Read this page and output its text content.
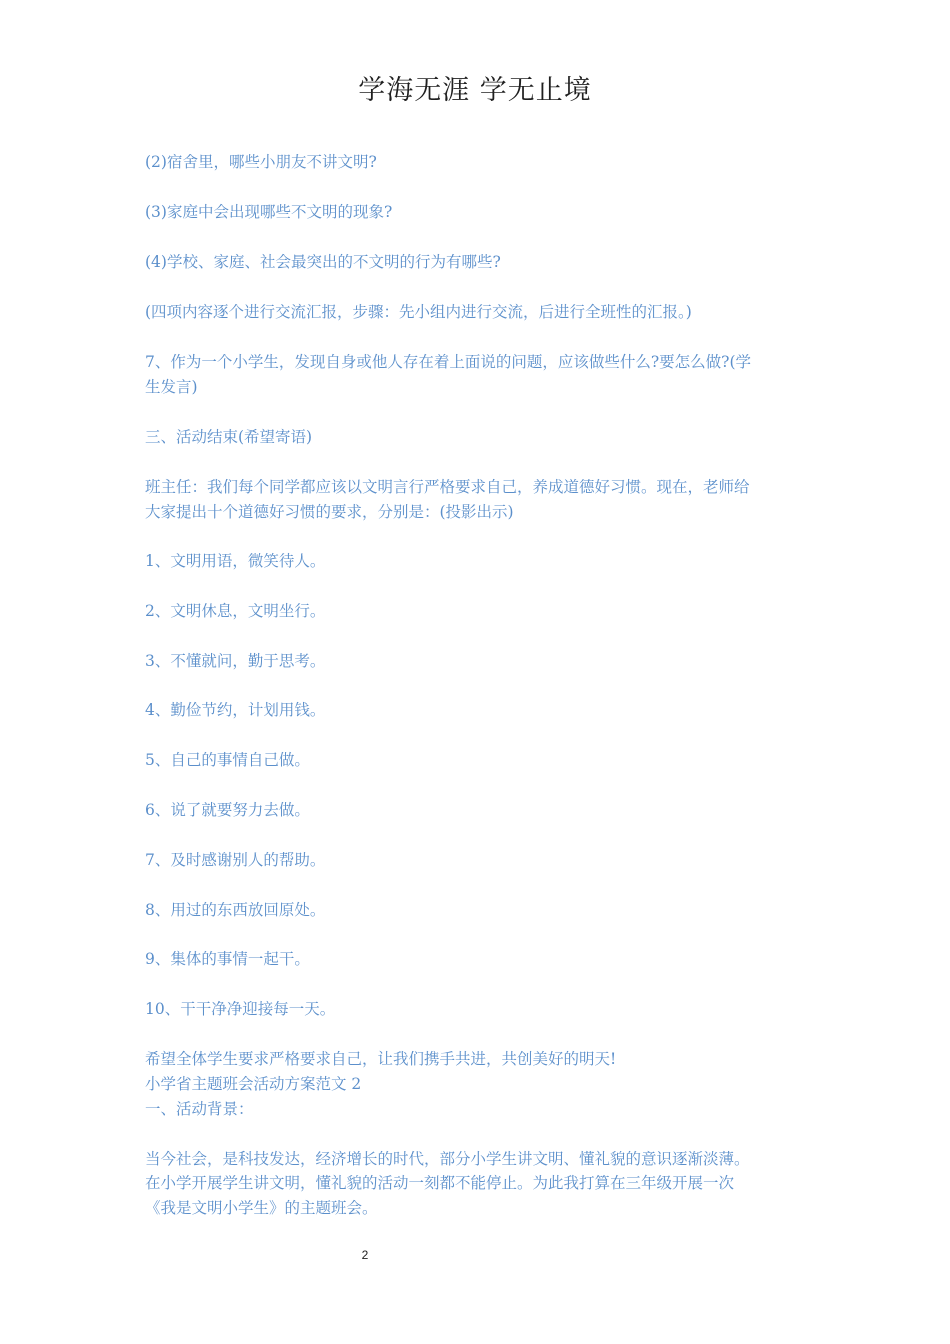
学海无涯 学无止境
(2)宿舍里，哪些小朋友不讲文明?
(3)家庭中会出现哪些不文明的现象?
(4)学校、家庭、社会最突出的不文明的行为有哪些?
(四项内容逐个进行交流汇报，步骤：先小组内进行交流，后进行全班性的汇报。)
7、作为一个小学生，发现自身或他人存在着上面说的问题，应该做些什么?要怎么做?(学
生发言)
三、活动结束(希望寄语)
班主任：我们每个同学都应该以文明言行严格要求自己，养成道德好习惯。现在，老师给
大家提出十个道德好习惯的要求，分别是：(投影出示)
1、文明用语，微笑待人。
2、文明休息，文明坐行。
3、不懂就问，勤于思考。
4、勤俭节约，计划用钱。
5、自己的事情自己做。
6、说了就要努力去做。
7、及时感谢别人的帮助。
8、用过的东西放回原处。
9、集体的事情一起干。
10、干干净净迎接每一天。
希望全体学生要求严格要求自己，让我们携手共进，共创美好的明天!
小学省主题班会活动方案范文 2
一、活动背景：
当今社会，是科技发达，经济增长的时代，部分小学生讲文明、懂礼貌的意识逐渐淡薄。
在小学开展学生讲文明，懂礼貌的活动一刻都不能停止。为此我打算在三年级开展一次
《我是文明小学生》的主题班会。
2
